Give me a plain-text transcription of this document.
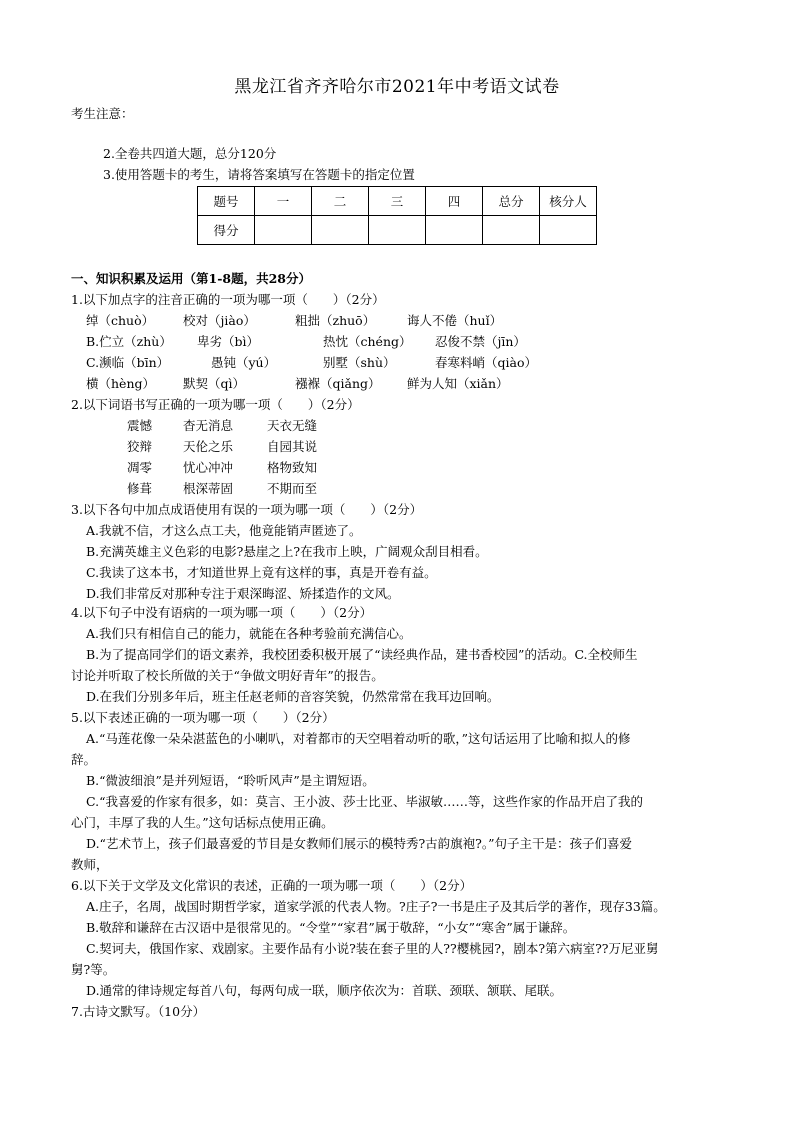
黑龙江省齐齐哈尔市2021年中考语文试卷
考生注意：
2.全卷共四道大题，总分120分
3.使用答题卡的考生，请将答案填写在答题卡的指定位置
题号	一	二	三	四	总分	核分人
得分						
一、知识积累及运用（第1-8题，共28分）
1.以下加点字的注音正确的一项为哪一项（　　）（2分）
绰（chuò） 校对（jiào）	粗拙（zhuō）	诲人不倦（huǐ）
B.伫立（zhù） 卑劣（bì）	热忱（chéng） 忍俊不禁（jīn）
C.濒临（bīn）	愚钝（yú）	别墅（shù）	春寒料峭（qiào）
横（hèng） 默契（qì）	襁褓（qiǎng） 鲜为人知（xiǎn）
2.以下词语书写正确的一项为哪一项（　　）（2分）
震憾 杳无消息	天衣无缝
狡辩 天伦之乐	自园其说
凋零 忧心冲冲	格物致知
修葺 根深蒂固	不期而至
3.以下各句中加点成语使用有误的一项为哪一项（　　）（2分）
A.我就不信，才这么点工夫，他竟能销声匿迹了。
B.充满英雄主义色彩的电影?悬崖之上?在我市上映，广阔观众刮目相看。
C.我读了这本书，才知道世界上竟有这样的事，真是开卷有益。
D.我们非常反对那种专注于艰深晦涩、矫揉造作的文风。
4.以下句子中没有语病的一项为哪一项（　　）（2分）
A.我们只有相信自己的能力，就能在各种考验前充满信心。
B.为了提高同学们的语文素养，我校团委积极开展了“读经典作品，建书香校园”的活动。C.全校师生
讨论并听取了校长所做的关于“争做文明好青年”的报告。
D.在我们分别多年后，班主任赵老师的音容笑貌，仍然常常在我耳边回响。
5.以下表述正确的一项为哪一项（　　）（2分）
A.“马莲花像一朵朵湛蓝色的小喇叭，对着都市的天空唱着动听的歌，”这句话运用了比喻和拟人的修
辞。
B.“微波细浪”是并列短语，“聆听风声”是主谓短语。
C.“我喜爱的作家有很多，如：莫言、王小波、莎士比亚、毕淑敏……等，这些作家的作品开启了我的
心门，丰厚了我的人生。”这句话标点使用正确。
D.“艺术节上，孩子们最喜爱的节目是女教师们展示的模特秀?古韵旗袍?。”句子主干是：孩子们喜爱
教师，
6.以下关于文学及文化常识的表述，正确的一项为哪一项（　　）（2分）
A.庄子，名周，战国时期哲学家，道家学派的代表人物。?庄子?一书是庄子及其后学的著作，现存33篇。
B.敬辞和谦辞在古汉语中是很常见的。“令堂”“家君”属于敬辞，“小女”“寒舍”属于谦辞。
C.契诃夫，俄国作家、戏剧家。主要作品有小说?装在套子里的人??樱桃园?，剧本?第六病室??万尼亚舅
舅?等。
D.通常的律诗规定每首八句，每两句成一联，顺序依次为：首联、颈联、颔联、尾联。
7.古诗文默写。（10分）
